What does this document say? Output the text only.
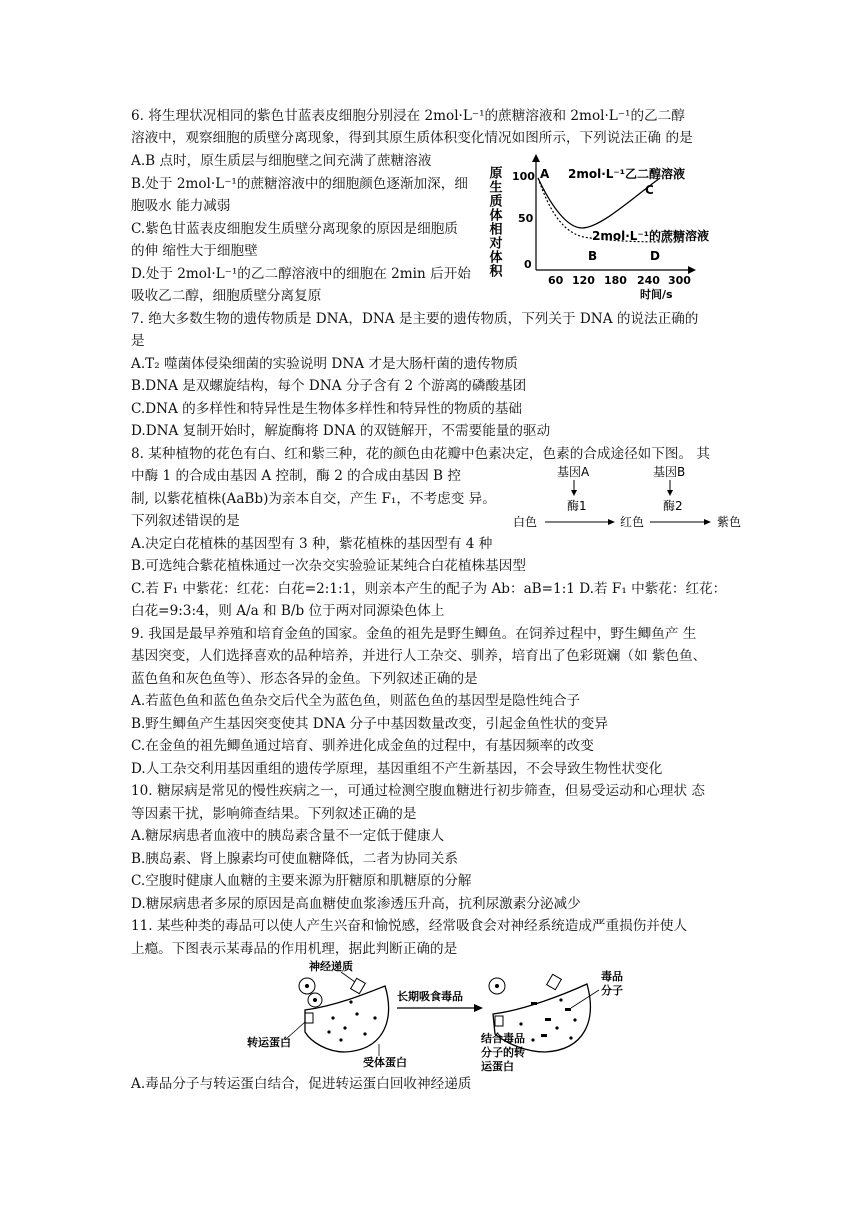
6. 将生理状况相同的紫色甘蓝表皮细胞分别浸在 2mol·L⁻¹的蔗糖溶液和 2mol·L⁻¹的乙二醇
溶液中，观察细胞的质壁分离现象，得到其原生质体积变化情况如图所示，下列说法正确 的是
A.B 点时，原生质层与细胞壁之间充满了蔗糖溶液
B.处于 2mol·L⁻¹的蔗糖溶液中的细胞颜色逐渐加深，细
胞吸水 能力减弱
C.紫色甘蓝表皮细胞发生质壁分离现象的原因是细胞质
的伸 缩性大于细胞壁
D.处于 2mol·L⁻¹的乙二醇溶液中的细胞在 2min 后开始
吸收乙二醇，细胞质壁分离复原
原生质体相对体积 100
50
0
60 120 180 240 300
时间/s
A
B
C
D
2mol·L⁻¹乙二醇溶液
2mol·L⁻¹的蔗糖溶液
7. 绝大多数生物的遗传物质是 DNA，DNA 是主要的遗传物质，下列关于 DNA 的说法正确的
是
A.T₂ 噬菌体侵染细菌的实验说明 DNA 才是大肠杆菌的遗传物质
B.DNA 是双螺旋结构，每个 DNA 分子含有 2 个游离的磷酸基团
C.DNA 的多样性和特异性是生物体多样性和特异性的物质的基础
D.DNA 复制开始时，解旋酶将 DNA 的双链解开，不需要能量的驱动
8. 某种植物的花色有白、红和紫三种，花的颜色由花瓣中色素决定，色素的合成途径如下图。 其
中酶 1 的合成由基因 A 控制，酶 2 的合成由基因 B 控
制, 以紫花植株(AaBb)为亲本自交，产生 F₁，不考虑变 异。
下列叙述错误的是
基因A
酶1
基因B
酶2
白色	红色	紫色
A.决定白花植株的基因型有 3 种，紫花植株的基因型有 4 种
B.可选纯合紫花植株通过一次杂交实验验证某纯合白花植株基因型
C.若 F₁ 中紫花：红花：白花=2:1:1，则亲本产生的配子为 Ab：aB=1:1 D.若 F₁ 中紫花：红花：
白花=9:3:4，则 A/a 和 B/b 位于两对同源染色体上
9. 我国是最早养殖和培育金鱼的国家。金鱼的祖先是野生鲫鱼。在饲养过程中，野生鲫鱼产 生
基因突变，人们选择喜欢的品种培养，并进行人工杂交、驯养，培育出了色彩斑斓（如 紫色鱼、
蓝色鱼和灰色鱼等）、形态各异的金鱼。下列叙述正确的是
A.若蓝色鱼和蓝色鱼杂交后代全为蓝色鱼，则蓝色鱼的基因型是隐性纯合子
B.野生鲫鱼产生基因突变使其 DNA 分子中基因数量改变，引起金鱼性状的变异
C.在金鱼的祖先鲫鱼通过培育、驯养进化成金鱼的过程中，有基因频率的改变
D.人工杂交利用基因重组的遗传学原理，基因重组不产生新基因，不会导致生物性状变化
10. 糖尿病是常见的慢性疾病之一，可通过检测空腹血糖进行初步筛查，但易受运动和心理状 态
等因素干扰，影响筛查结果。下列叙述正确的是
A.糖尿病患者血液中的胰岛素含量不一定低于健康人
B.胰岛素、肾上腺素均可使血糖降低，二者为协同关系
C.空腹时健康人血糖的主要来源为肝糖原和肌糖原的分解
D.糖尿病患者多尿的原因是高血糖使血浆渗透压升高，抗利尿激素分泌减少
11. 某些种类的毒品可以使人产生兴奋和愉悦感，经常吸食会对神经系统造成严重损伤并使人
上瘾。下图表示某毒品的作用机理，据此判断正确的是
神经递质
转运蛋白
受体蛋白
长期吸食毒品
毒品
分子
结合毒品
分子的转
运蛋白
A.毒品分子与转运蛋白结合，促进转运蛋白回收神经递质
